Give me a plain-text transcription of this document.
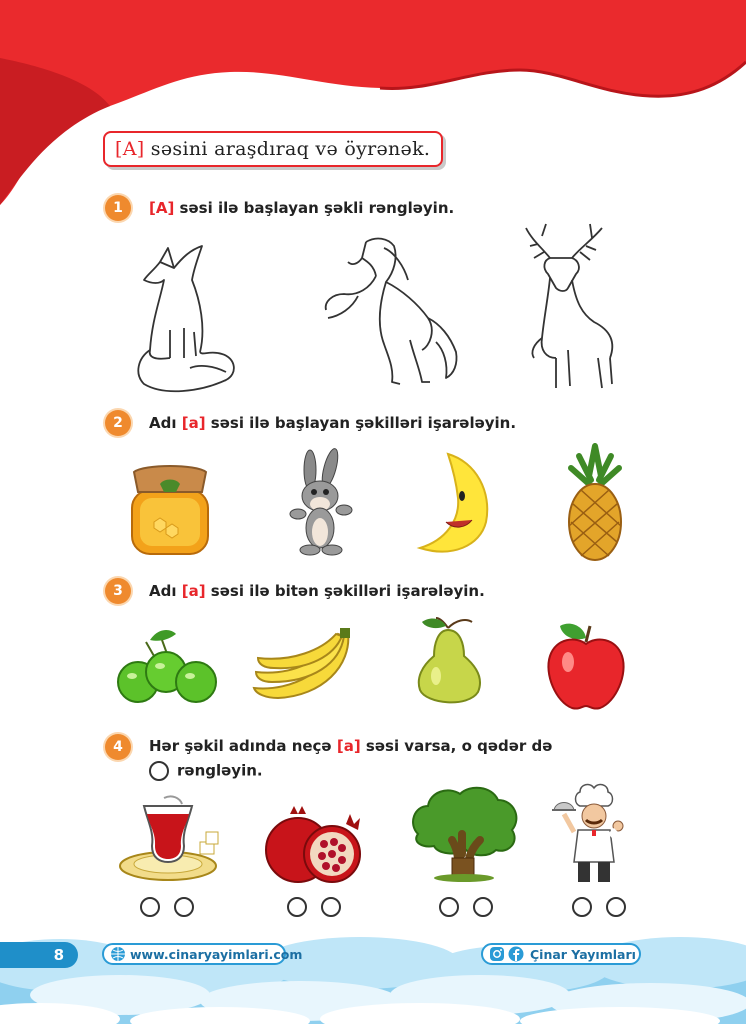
[A] səsini araşdıraq və öyrənək.
1	[A] səsi ilə başlayan şəkli rəngləyin.
2	Adı [a] səsi ilə başlayan şəkilləri işarələyin.
3	Adı [a] səsi ilə bitən şəkilləri işarələyin.
4	Hər şəkil adında neçə [a] səsi varsa, o qədər də
rəngləyin.
8	www.cinaryayimlari.com	Çinar Yayımları
